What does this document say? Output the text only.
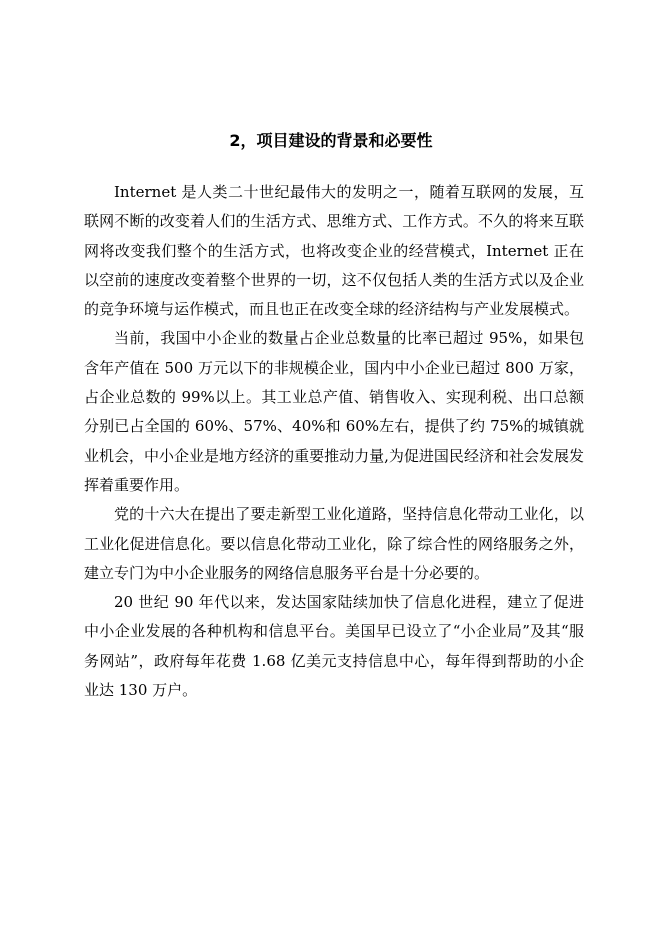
2，项目建设的背景和必要性

Internet 是人类二十世纪最伟大的发明之一，随着互联网的发展，互联网不断的改变着人们的生活方式、思维方式、工作方式。不久的将来互联网将改变我们整个的生活方式，也将改变企业的经营模式，Internet 正在以空前的速度改变着整个世界的一切，这不仅包括人类的生活方式以及企业的竞争环境与运作模式，而且也正在改变全球的经济结构与产业发展模式。

当前，我国中小企业的数量占企业总数量的比率已超过 95%，如果包含年产值在 500 万元以下的非规模企业，国内中小企业已超过 800 万家，占企业总数的 99%以上。其工业总产值、销售收入、实现利税、出口总额分别已占全国的 60%、57%、40%和 60%左右，提供了约 75%的城镇就业机会，中小企业是地方经济的重要推动力量,为促进国民经济和社会发展发挥着重要作用。

党的十六大在提出了要走新型工业化道路，坚持信息化带动工业化，以工业化促进信息化。要以信息化带动工业化，除了综合性的网络服务之外，建立专门为中小企业服务的网络信息服务平台是十分必要的。

20 世纪 90 年代以来，发达国家陆续加快了信息化进程，建立了促进中小企业发展的各种机构和信息平台。美国早已设立了“小企业局”及其“服务网站”，政府每年花费 1.68 亿美元支持信息中心，每年得到帮助的小企业达 130 万户。
